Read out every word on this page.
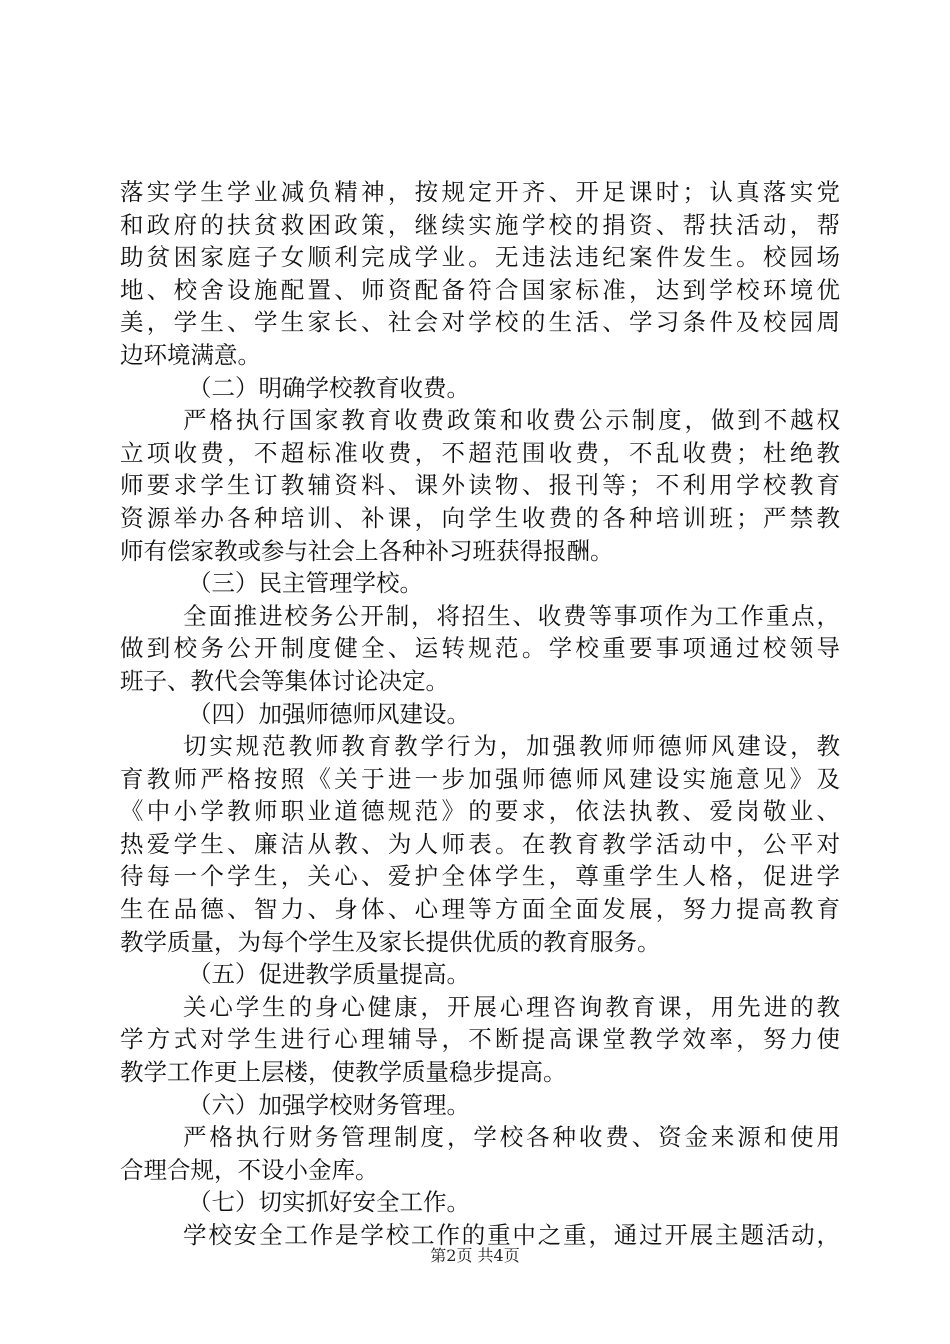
落实学生学业减负精神，按规定开齐、开足课时；认真落实党
和政府的扶贫救困政策，继续实施学校的捐资、帮扶活动，帮
助贫困家庭子女顺利完成学业。无违法违纪案件发生。校园场
地、校舍设施配置、师资配备符合国家标准，达到学校环境优
美，学生、学生家长、社会对学校的生活、学习条件及校园周
边环境满意。
（二）明确学校教育收费。
严格执行国家教育收费政策和收费公示制度，做到不越权
立项收费，不超标准收费，不超范围收费，不乱收费；杜绝教
师要求学生订教辅资料、课外读物、报刊等；不利用学校教育
资源举办各种培训、补课，向学生收费的各种培训班；严禁教
师有偿家教或参与社会上各种补习班获得报酬。
（三）民主管理学校。
全面推进校务公开制，将招生、收费等事项作为工作重点，
做到校务公开制度健全、运转规范。学校重要事项通过校领导
班子、教代会等集体讨论决定。
（四）加强师德师风建设。
切实规范教师教育教学行为，加强教师师德师风建设，教
育教师严格按照《关于进一步加强师德师风建设实施意见》及
《中小学教师职业道德规范》的要求，依法执教、爱岗敬业、
热爱学生、廉洁从教、为人师表。在教育教学活动中，公平对
待每一个学生，关心、爱护全体学生，尊重学生人格，促进学
生在品德、智力、身体、心理等方面全面发展，努力提高教育
教学质量，为每个学生及家长提供优质的教育服务。
（五）促进教学质量提高。
关心学生的身心健康，开展心理咨询教育课，用先进的教
学方式对学生进行心理辅导，不断提高课堂教学效率，努力使
教学工作更上层楼，使教学质量稳步提高。
（六）加强学校财务管理。
严格执行财务管理制度，学校各种收费、资金来源和使用
合理合规，不设小金库。
（七）切实抓好安全工作。
学校安全工作是学校工作的重中之重，通过开展主题活动，
第2页 共4页
